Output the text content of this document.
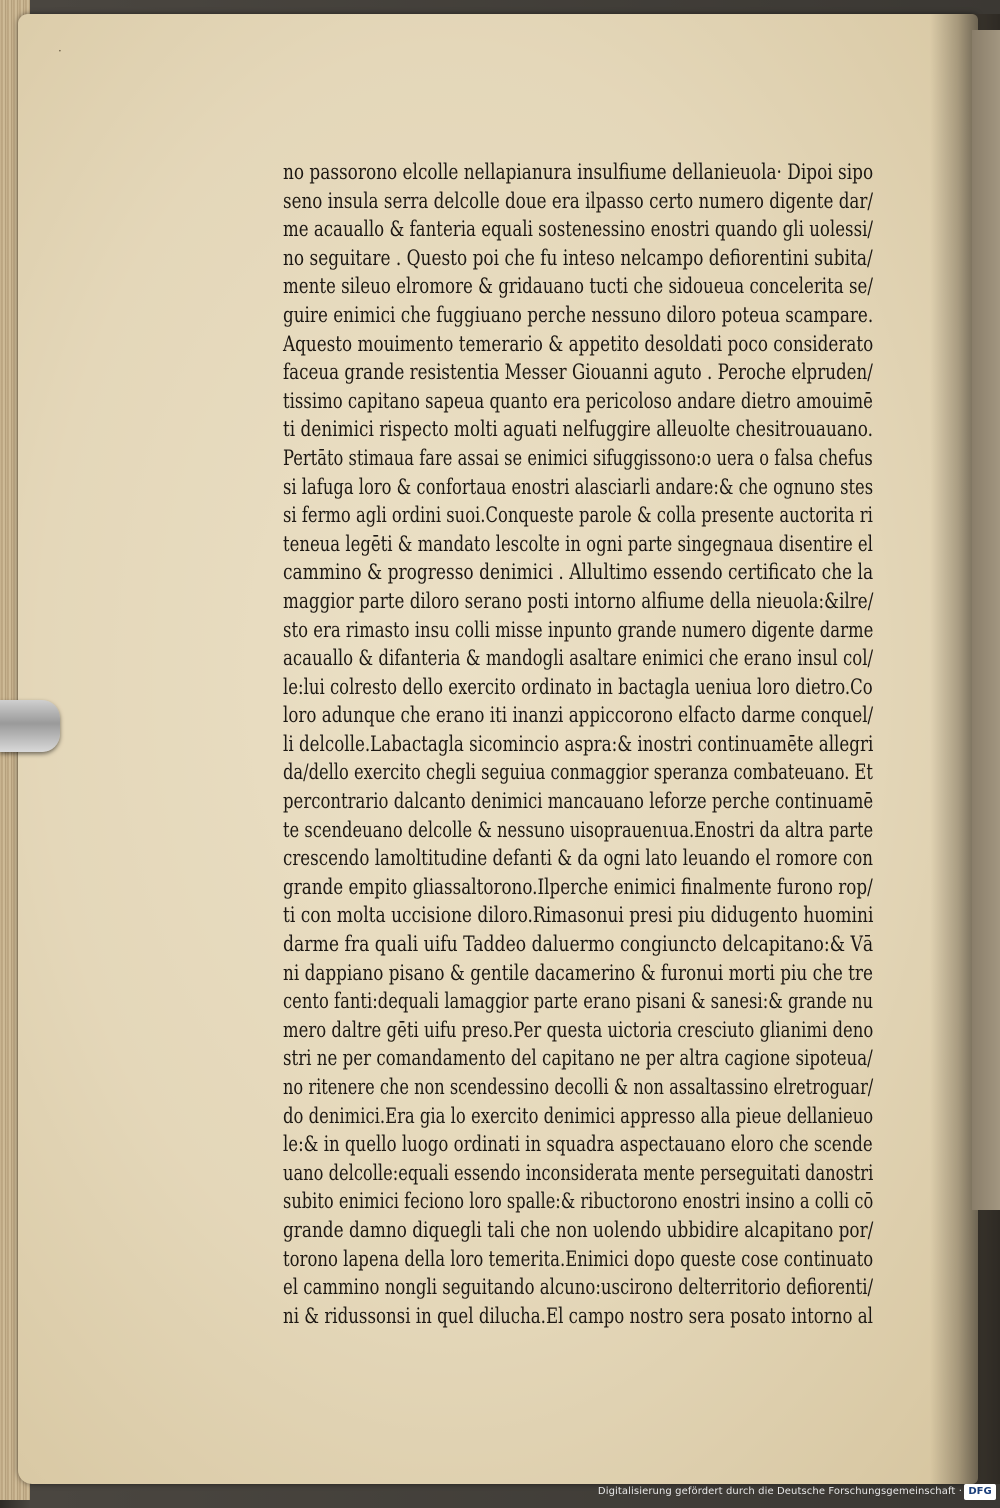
·
no passorono elcolle nellapianura insulfiume dellanieuola· Dipoi sipo
seno insula serra delcolle doue era ilpasso certo numero digente dar/
me acauallo & fanteria equali sostenessino enostri quando gli uolessi/
no seguitare . Questo poi che fu inteso nelcampo defiorentini subita/
mente sileuo elromore & gridauano tucti che sidoueua concelerita se/
guire enimici che fuggiuano perche nessuno diloro poteua scampare.
Aquesto mouimento temerario & appetito desoldati poco considerato
faceua grande resistentia Messer Giouanni aguto . Peroche elpruden/
tissimo capitano sapeua quanto era pericoloso andare dietro amouimē
ti denimici rispecto molti aguati nelfuggire alleuolte chesitrouauano.
Pertāto stimaua fare assai se enimici sifuggissono:o uera o falsa chefus
si lafuga loro & confortaua enostri alasciarli andare:& che ognuno stes
si fermo agli ordini suoi.Conqueste parole & colla presente auctorita ri
teneua legēti & mandato lescolte in ogni parte singegnaua disentire el
cammino & progresso denimici . Allultimo essendo certificato che la
maggior parte diloro serano posti intorno alfiume della nieuola:&ilre/
sto era rimasto insu colli misse inpunto grande numero digente darme
acauallo & difanteria & mandogli asaltare enimici che erano insul col/
le:lui colresto dello exercito ordinato in bactagla ueniua loro dietro.Co
loro adunque che erano iti inanzi appiccorono elfacto darme conquel/
li delcolle.Labactagla sicomincio aspra:& inostri continuamēte allegri
da/dello exercito chegli seguiua conmaggior speranza combateuano. Et
percontrario dalcanto denimici mancauano leforze perche continuamē
te scendeuano delcolle & nessuno uisoprauenιua.Enostri da altra parte
crescendo lamoltitudine defanti & da ogni lato leuando el romore con
grande empito gliassaltorono.Ilperche enimici finalmente furono rop/
ti con molta uccisione diloro.Rimasonui presi piu didugento huomini
darme fra quali uifu Taddeo daluermo congiuncto delcapitano:& Vā
ni dappiano pisano & gentile dacamerino & furonui morti piu che tre
cento fanti:dequali lamaggior parte erano pisani & sanesi:& grande nu
mero daltre gēti uifu preso.Per questa uictoria cresciuto glianimi deno
stri ne per comandamento del capitano ne per altra cagione sipoteua/
no ritenere che non scendessino decolli & non assaltassino elretroguar/
do denimici.Era gia lo exercito denimici appresso alla pieue dellanieuo
le:& in quello luogo ordinati in squadra aspectauano eloro che scende
uano delcolle:equali essendo inconsiderata mente perseguitati danostri
subito enimici feciono loro spalle:& ribuctorono enostri insino a colli cō
grande damno diquegli tali che non uolendo ubbidire alcapitano por/
torono lapena della loro temerita.Enimici dopo queste cose continuato
el cammino nongli seguitando alcuno:uscirono delterritorio defiorenti/
ni & ridussonsi in quel dilucha.El campo nostro sera posato intorno al
Digitalisierung gefördert durch die Deutsche Forschungsgemeinschaft · DFG
